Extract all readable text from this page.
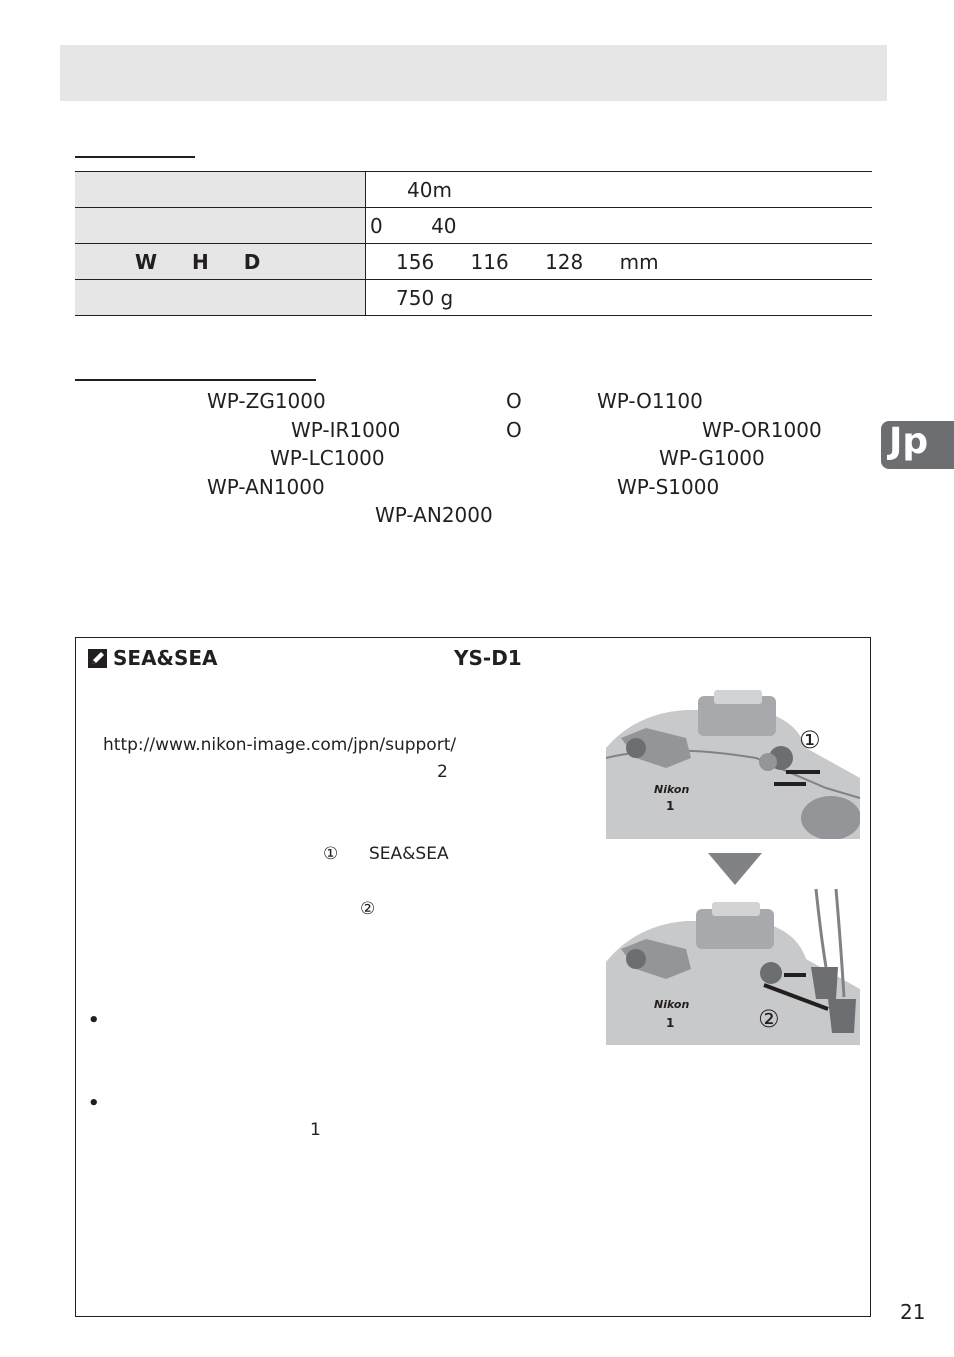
	40m
	0 40
W H D	156 116 128 mm
	750 g
WP-ZG1000	O	WP-O1100
WP-IR1000	O	WP-OR1000
WP-LC1000	WP-G1000
WP-AN1000	WP-S1000
WP-AN2000
Jp
SEA&SEA	YS-D1
http://www.nikon-image.com/jpn/support/
2
① SEA&SEA
②
•
•
1
Nikon
1
①
Nikon
1	②
21
